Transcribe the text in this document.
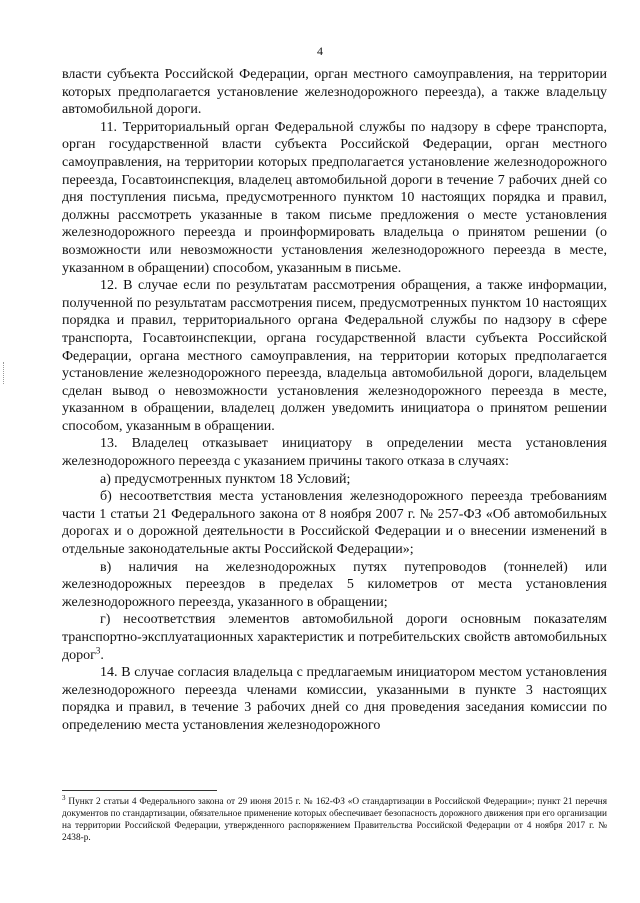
4

власти субъекта Российской Федерации, орган местного самоуправления, на территории которых предполагается установление железнодорожного переезда), а также владельцу автомобильной дороги.

11. Территориальный орган Федеральной службы по надзору в сфере транспорта, орган государственной власти субъекта Российской Федерации, орган местного самоуправления, на территории которых предполагается установление железнодорожного переезда, Госавтоинспекция, владелец автомобильной дороги в течение 7 рабочих дней со дня поступления письма, предусмотренного пунктом 10 настоящих порядка и правил, должны рассмотреть указанные в таком письме предложения о месте установления железнодорожного переезда и проинформировать владельца о принятом решении (о возможности или невозможности установления железнодорожного переезда в месте, указанном в обращении) способом, указанным в письме.

12. В случае если по результатам рассмотрения обращения, а также информации, полученной по результатам рассмотрения писем, предусмотренных пунктом 10 настоящих порядка и правил, территориального органа Федеральной службы по надзору в сфере транспорта, Госавтоинспекции, органа государственной власти субъекта Российской Федерации, органа местного самоуправления, на территории которых предполагается установление железнодорожного переезда, владельца автомобильной дороги, владельцем сделан вывод о невозможности установления железнодорожного переезда в месте, указанном в обращении, владелец должен уведомить инициатора о принятом решении способом, указанным в обращении.

13. Владелец отказывает инициатору в определении места установления железнодорожного переезда с указанием причины такого отказа в случаях:

а) предусмотренных пунктом 18 Условий;

б) несоответствия места установления железнодорожного переезда требованиям части 1 статьи 21 Федерального закона от 8 ноября 2007 г. № 257-ФЗ «Об автомобильных дорогах и о дорожной деятельности в Российской Федерации и о внесении изменений в отдельные законодательные акты Российской Федерации»;

в) наличия на железнодорожных путях путепроводов (тоннелей) или железнодорожных переездов в пределах 5 километров от места установления железнодорожного переезда, указанного в обращении;

г) несоответствия элементов автомобильной дороги основным показателям транспортно-эксплуатационных характеристик и потребительских свойств автомобильных дорог$^3$.

14. В случае согласия владельца с предлагаемым инициатором местом установления железнодорожного переезда членами комиссии, указанными в пункте 3 настоящих порядка и правил, в течение 3 рабочих дней со дня проведения заседания комиссии по определению места установления железнодорожного

$^3$ Пункт 2 статьи 4 Федерального закона от 29 июня 2015 г. № 162-ФЗ «О стандартизации в Российской Федерации»; пункт 21 перечня документов по стандартизации, обязательное применение которых обеспечивает безопасность дорожного движения при его организации на территории Российской Федерации, утвержденного распоряжением Правительства Российской Федерации от 4 ноября 2017 г. № 2438-р.
